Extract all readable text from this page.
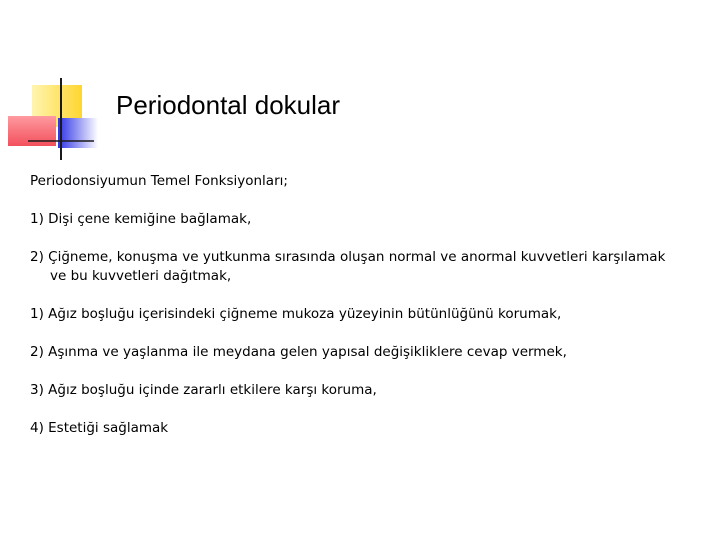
Periodontal dokular

Periodonsiyumun Temel Fonksiyonları;

1) Dişi çene kemiğine bağlamak,

2) Çiğneme, konuşma ve yutkunma sırasında oluşan normal ve anormal kuvvetleri karşılamak
ve bu kuvvetleri dağıtmak,

1) Ağız boşluğu içerisindeki çiğneme mukoza yüzeyinin bütünlüğünü korumak,

2) Aşınma ve yaşlanma ile meydana gelen yapısal değişikliklere cevap vermek,

3) Ağız boşluğu içinde zararlı etkilere karşı koruma,

4) Estetiği sağlamak
